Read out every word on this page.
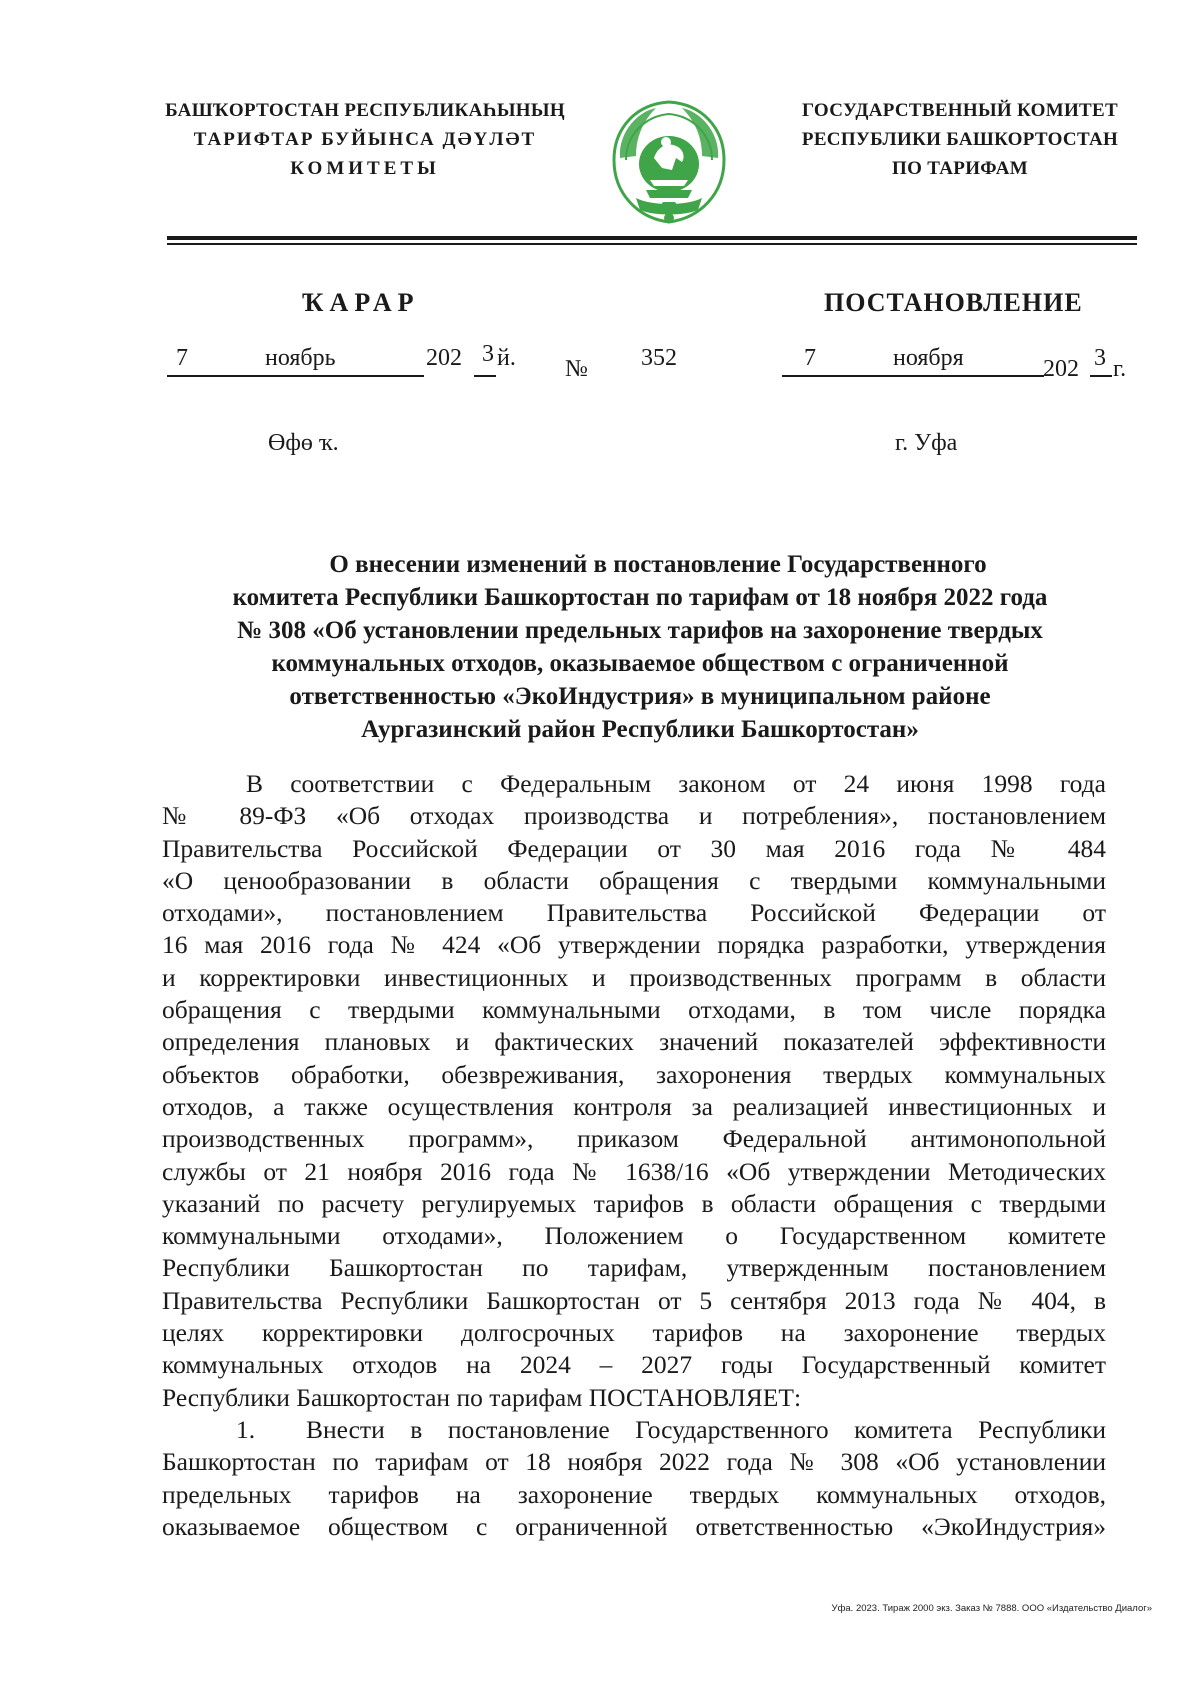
БАШҠОРТОСТАН РЕСПУБЛИКАҺЫНЫҢ
ТАРИФТАР БУЙЫНСА ДӘҮЛӘТ
КОМИТЕТЫ
ГОСУДАРСТВЕННЫЙ КОМИТЕТ
РЕСПУБЛИКИ БАШКОРТОСТАН
ПО ТАРИФАМ
ҠАРАР	ПОСТАНОВЛЕНИЕ
7	ноябрь	202 3 й. № 352	7	ноября	202 3 г.
Өфө ҡ.	г. Уфа
О внесении изменений в постановление Государственного
комитета Республики Башкортостан по тарифам от 18 ноября 2022 года
№ 308 «Об установлении предельных тарифов на захоронение твердых
коммунальных отходов, оказываемое обществом с ограниченной
ответственностью «ЭкоИндустрия» в муниципальном районе
Аургазинский район Республики Башкортостан»
В соответствии с Федеральным законом от 24 июня 1998 года
№ 89-ФЗ «Об отходах производства и потребления», постановлением
Правительства Российской Федерации от 30 мая 2016 года № 484
«О ценообразовании в области обращения с твердыми коммунальными
отходами», постановлением Правительства Российской Федерации от
16 мая 2016 года № 424 «Об утверждении порядка разработки, утверждения
и корректировки инвестиционных и производственных программ в области
обращения с твердыми коммунальными отходами, в том числе порядка
определения плановых и фактических значений показателей эффективности
объектов обработки, обезвреживания, захоронения твердых коммунальных
отходов, а также осуществления контроля за реализацией инвестиционных и
производственных программ», приказом Федеральной антимонопольной
службы от 21 ноября 2016 года № 1638/16 «Об утверждении Методических
указаний по расчету регулируемых тарифов в области обращения с твердыми
коммунальными отходами», Положением о Государственном комитете
Республики Башкортостан по тарифам, утвержденным постановлением
Правительства Республики Башкортостан от 5 сентября 2013 года № 404, в
целях корректировки долгосрочных тарифов на захоронение твердых
коммунальных отходов на 2024 – 2027 годы Государственный комитет
Республики Башкортостан по тарифам ПОСТАНОВЛЯЕТ:
1. Внести в постановление Государственного комитета Республики
Башкортостан по тарифам от 18 ноября 2022 года № 308 «Об установлении
предельных тарифов на захоронение твердых коммунальных отходов,
оказываемое обществом с ограниченной ответственностью «ЭкоИндустрия»
Уфа. 2023. Тираж 2000 экз. Заказ № 7888. ООО «Издательство Диалог»
